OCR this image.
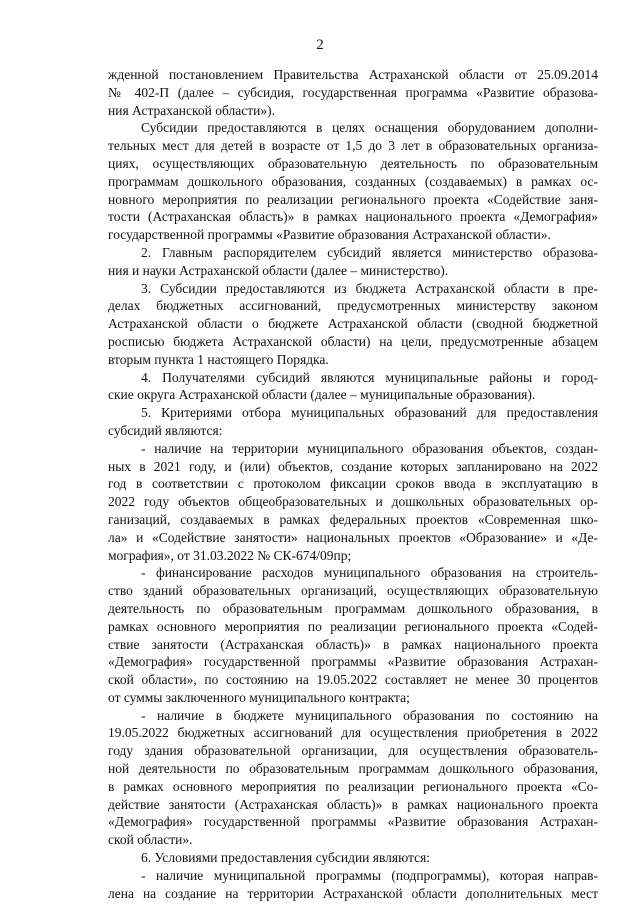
2
жденной постановлением Правительства Астраханской области от 25.09.2014
№ 402-П (далее – субсидия, государственная программа «Развитие образова-
ния Астраханской области»).
Субсидии предоставляются в целях оснащения оборудованием дополни-
тельных мест для детей в возрасте от 1,5 до 3 лет в образовательных организа-
циях, осуществляющих образовательную деятельность по образовательным
программам дошкольного образования, созданных (создаваемых) в рамках ос-
новного мероприятия по реализации регионального проекта «Содействие заня-
тости (Астраханская область)» в рамках национального проекта «Демография»
государственной программы «Развитие образования Астраханской области».
2. Главным распорядителем субсидий является министерство образова-
ния и науки Астраханской области (далее – министерство).
3. Субсидии предоставляются из бюджета Астраханской области в пре-
делах бюджетных ассигнований, предусмотренных министерству законом
Астраханской области о бюджете Астраханской области (сводной бюджетной
росписью бюджета Астраханской области) на цели, предусмотренные абзацем
вторым пункта 1 настоящего Порядка.
4. Получателями субсидий являются муниципальные районы и город-
ские округа Астраханской области (далее – муниципальные образования).
5. Критериями отбора муниципальных образований для предоставления
субсидий являются:
- наличие на территории муниципального образования объектов, создан-
ных в 2021 году, и (или) объектов, создание которых запланировано на 2022
год в соответствии с протоколом фиксации сроков ввода в эксплуатацию в
2022 году объектов общеобразовательных и дошкольных образовательных ор-
ганизаций, создаваемых в рамках федеральных проектов «Современная шко-
ла» и «Содействие занятости» национальных проектов «Образование» и «Де-
мография», от 31.03.2022 № СК-674/09пр;
- финансирование расходов муниципального образования на строитель-
ство зданий образовательных организаций, осуществляющих образовательную
деятельность по образовательным программам дошкольного образования, в
рамках основного мероприятия по реализации регионального проекта «Содей-
ствие занятости (Астраханская область)» в рамках национального проекта
«Демография» государственной программы «Развитие образования Астрахан-
ской области», по состоянию на 19.05.2022 составляет не менее 30 процентов
от суммы заключенного муниципального контракта;
- наличие в бюджете муниципального образования по состоянию на
19.05.2022 бюджетных ассигнований для осуществления приобретения в 2022
году здания образовательной организации, для осуществления образователь-
ной деятельности по образовательным программам дошкольного образования,
в рамках основного мероприятия по реализации регионального проекта «Со-
действие занятости (Астраханская область)» в рамках национального проекта
«Демография» государственной программы «Развитие образования Астрахан-
ской области».
6. Условиями предоставления субсидии являются:
- наличие муниципальной программы (подпрограммы), которая направ-
лена на создание на территории Астраханской области дополнительных мест
